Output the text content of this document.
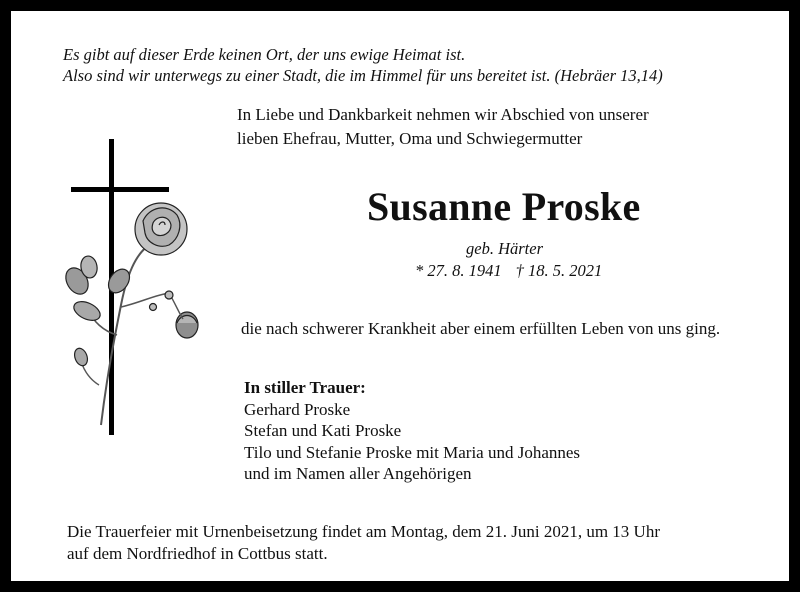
Es gibt auf dieser Erde keinen Ort, der uns ewige Heimat ist.
Also sind wir unterwegs zu einer Stadt, die im Himmel für uns bereitet ist. (Hebräer 13,14)
In Liebe und Dankbarkeit nehmen wir Abschied von unserer
lieben Ehefrau, Mutter, Oma und Schwiegermutter
Susanne Proske
geb. Härter
* 27. 8. 1941 † 18. 5. 2021
die nach schwerer Krankheit aber einem erfüllten Leben von uns ging.
In stiller Trauer:
Gerhard Proske
Stefan und Kati Proske
Tilo und Stefanie Proske mit Maria und Johannes
und im Namen aller Angehörigen
Die Trauerfeier mit Urnenbeisetzung findet am Montag, dem 21. Juni 2021, um 13 Uhr
auf dem Nordfriedhof in Cottbus statt.
